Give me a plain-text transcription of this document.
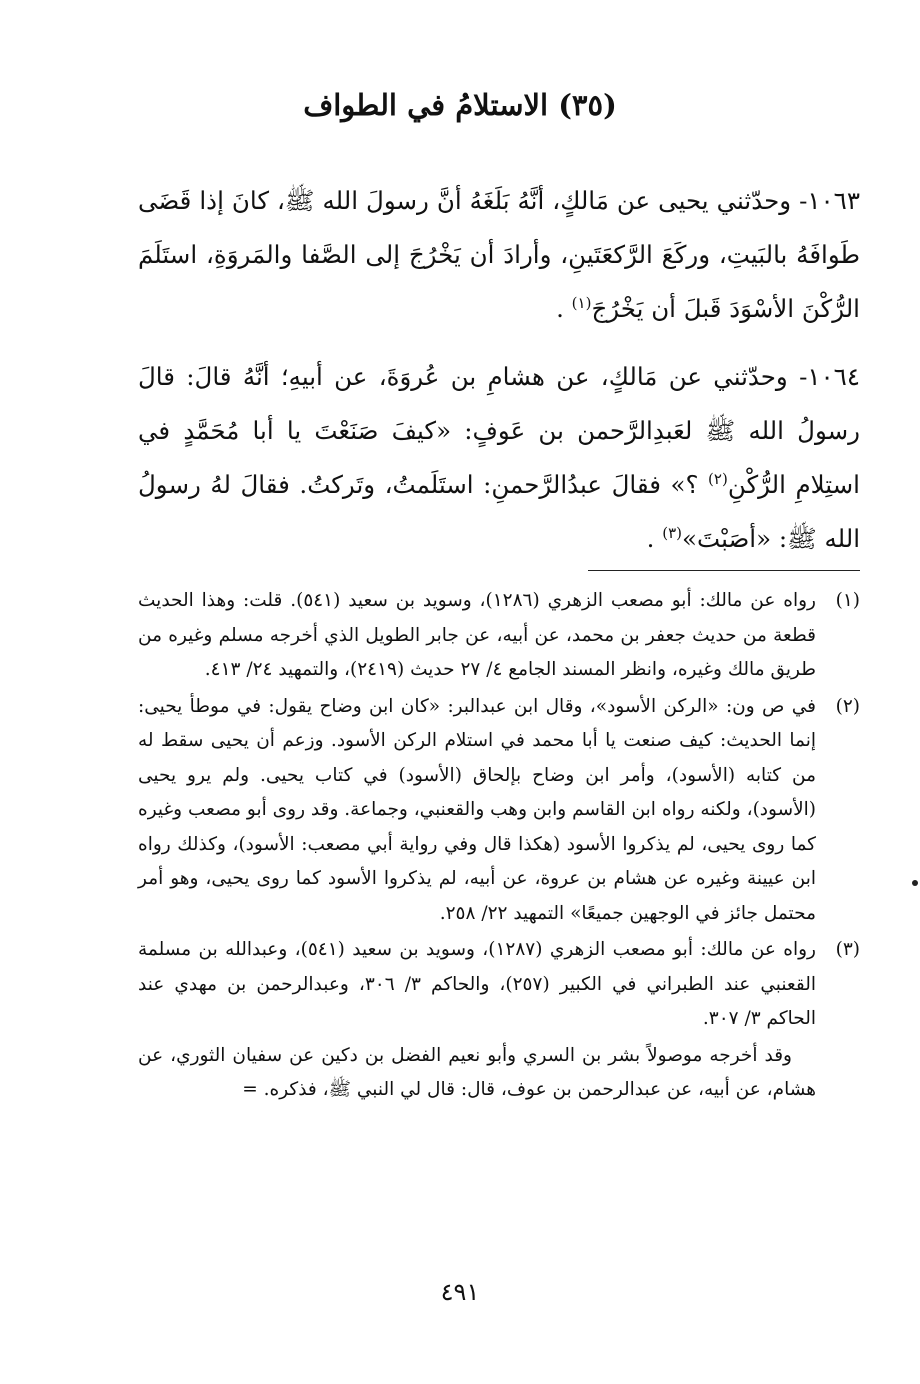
(٣٥) الاستلامُ في الطواف
١٠٦٣- وحدّثني يحيى عن مَالكٍ، أنَّهُ بَلَغَهُ أنَّ رسولَ الله ﷺ، كانَ إذا قَضَى طَوافَهُ بالبَيتِ، وركَعَ الرَّكعَتَينِ، وأرادَ أن يَخْرُجَ إلى الصَّفا والمَروَةِ، استَلَمَ الرُّكْنَ الأسْوَدَ قَبلَ أن يَخْرُجَ$^{(١)}$ .
١٠٦٤- وحدّثني عن مَالكٍ، عن هشامِ بن عُروَةَ، عن أبيهِ؛ أنَّهُ قالَ: قالَ رسولُ الله ﷺ لعَبدِالرَّحمن بن عَوفٍ: «كيفَ صَنَعْتَ يا أبا مُحَمَّدٍ في استِلامِ الرُّكْنِ$^{(٢)}$ ؟» فقالَ عبدُالرَّحمنِ: استَلَمتُ، وتَركتُ. فقالَ لهُ رسولُ الله ﷺ: «أصَبْتَ»$^{(٣)}$ .
(١)
رواه عن مالك: أبو مصعب الزهري (١٢٨٦)، وسويد بن سعيد (٥٤١). قلت: وهذا الحديث قطعة من حديث جعفر بن محمد، عن أبيه، عن جابر الطويل الذي أخرجه مسلم وغيره من طريق مالك وغيره، وانظر المسند الجامع ٤/ ٢٧ حديث (٢٤١٩)، والتمهيد ٢٤/ ٤١٣.
(٢)
في ص ون: «الركن الأسود»، وقال ابن عبدالبر: «كان ابن وضاح يقول: في موطأ يحيى: إنما الحديث: كيف صنعت يا أبا محمد في استلام الركن الأسود. وزعم أن يحيى سقط له من كتابه (الأسود)، وأمر ابن وضاح بإلحاق (الأسود) في كتاب يحيى. ولم يرو يحيى (الأسود)، ولكنه رواه ابن القاسم وابن وهب والقعنبي، وجماعة. وقد روى أبو مصعب وغيره كما روى يحيى، لم يذكروا الأسود (هكذا قال وفي رواية أبي مصعب: الأسود)، وكذلك رواه ابن عيينة وغيره عن هشام بن عروة، عن أبيه، لم يذكروا الأسود كما روى يحيى، وهو أمر محتمل جائز في الوجهين جميعًا» التمهيد ٢٢/ ٢٥٨.
(٣)
رواه عن مالك: أبو مصعب الزهري (١٢٨٧)، وسويد بن سعيد (٥٤١)، وعبدالله بن مسلمة القعنبي عند الطبراني في الكبير (٢٥٧)، والحاكم ٣/ ٣٠٦، وعبدالرحمن بن مهدي عند الحاكم ٣/ ٣٠٧.
وقد أخرجه موصولاً بشر بن السري وأبو نعيم الفضل بن دكين عن سفيان الثوري، عن هشام، عن أبيه، عن عبدالرحمن بن عوف، قال: قال لي النبي ﷺ، فذكره. =
٤٩١
